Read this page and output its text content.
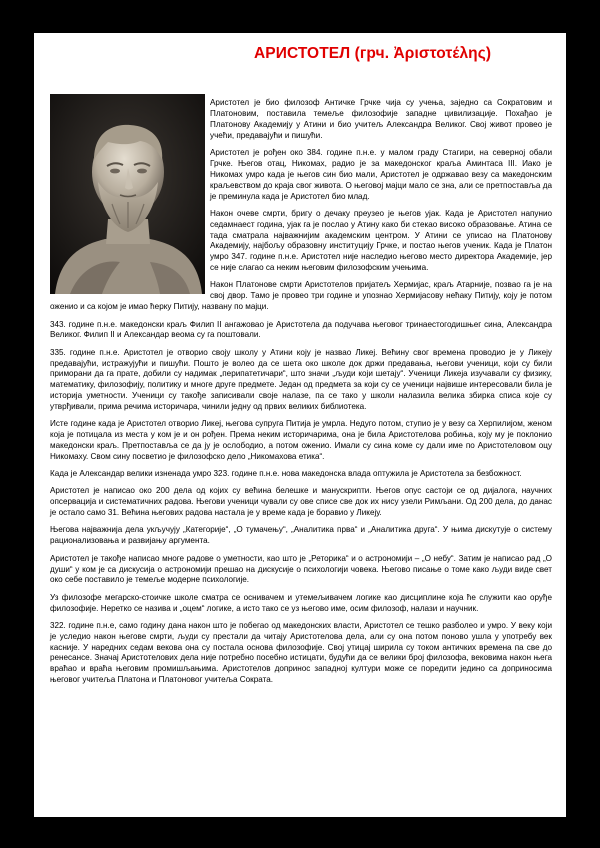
АРИСТОТЕЛ (грч. Ἀριστοτέλης)

Аристотел је био филозоф Античке Грчке чија су учења, заједно са Сократовим и Платоновим, поставила темеље филозофије западне цивилизације. Похађао је Платонову Академију у Атини и био учитељ Александра Великог. Свој живот провео је учећи, предавајући и пишући.

Аристотел је рођен око 384. године п.н.е. у малом граду Стагири, на северној обали Грчке. Његов отац, Никомах, радио је за македонског краља Аминтаса III. Иако је Никомах умро када је његов син био мали, Аристотел је одржавао везу са македонским краљевством до краја свог живота. О његовој мајци мало се зна, али се претпоставља да је преминула када је Аристотел био млад.

Након очеве смрти, бригу о дечаку преузео је његов ујак. Када је Аристотел напунио седамнаест година, ујак га је послао у Атину како би стекао високо образовање. Атина се тада сматрала најважнијим академским центром. У Атини се уписао на Платонову Академију, најбољу образовну институцију Грчке, и постао његов ученик. Када је Платон умро 347. године п.н.е. Аристотел није наследио његово место директора Академије, јер се није слагао са неким његовим филозофским учењима.

Након Платонове смрти Аристотелов пријатељ Хермијас, краљ Атарније, позвао га је на свој двор. Тамо је провео три године и упознао Хермијасову нећаку Питију, коју је потом оженио и са којом је имао ћерку Питију, названу по мајци.

343. године п.н.е. македонски краљ Филип II ангажовао је Аристотела да подучава његовог тринаестогодишњег сина, Александра Великог. Филип II и Александар веома су га поштовали.

335. године п.н.е. Аристотел је отворио своју школу у Атини коју је назвао Ликеј. Већину свог времена проводио је у Ликеју предавајући, истражујући и пишући. Пошто је волео да се шета око школе док држи предавања, његови ученици, који су били приморани да га прате, добили су надимак „перипатетичари“, што значи „људи који шетају“. Ученици Ликеја изучавали су физику, математику, филозофију, политику и многе друге предмете. Један од предмета за који су се ученици највише интересовали била је историја уметности. Ученици су такође записивали своје налазе, па се тако у школи налазила велика збирка списа које су утврђивали, прима речима историчара, чинили једну од првих великих библиотека.

Исте године када је Аристотел отворио Ликеј, његова супруга Питија је умрла. Недуго потом, ступио је у везу са Херпилијом, женом која је потицала из места у ком је и он рођен. Према неким историчарима, она је била Аристотелова робиња, коју му је поклонио македонски краљ. Претпоставља се да ју је ослободио, а потом оженио. Имали су сина коме су дали име по Аристотеловом оцу Никомаху. Свом сину посветио је филозофско дело „Никомахова етика“.

Када је Александар велики изненада умро 323. године п.н.е. нова македонска влада оптужила је Аристотела за безбожност.

Аристотел је написао око 200 дела од којих су већина белешке и манускрипти. Његов опус састоји се од дијалога, научних опсервација и систематичних радова. Његови ученици чували су ове списе све док их нису узели Римљани. Од 200 дела, до данас је остало само 31. Већина његових радова настала је у време када је боравио у Ликеју.

Његова најважнија дела укључују „Категорије“, „О тумачењу“, „Аналитика прва“ и „Аналитика друга“. У њима дискутује о систему рационализовања и развијању аргумента.

Аристотел је такође написао многе радове о уметности, као што је „Реторика“ и о астрономији – „О небу“. Затим је написао рад „О души“ у ком је са дискусија о астрономији прешао на дискусије о психологији човека. Његово писање о томе како људи виде свет око себе поставило је темеље модерне психологије.

Уз филозофе мегарско-стоичке школе сматра се оснивачем и утемељивачем логике као дисциплине која ће служити као оруђе филозофије. Неретко се назива и „оцем“ логике, а исто тако се уз његово име, осим филозоф, налази и научник.

322. године п.н.е, само годину дана након што је побегао од македонских власти, Аристотел се тешко разболео и умро. У веку који је уследио након његове смрти, људи су престали да читају Аристотелова дела, али су она потом поново ушла у употребу век касније. У наредних седам векова она су постала основа филозофије. Свој утицај ширила су током античких времена па све до ренесансе. Значај Аристотелових дела није потребно посебно истицати, будући да се велики број филозофа, вековима након њега враћао и враћа његовим промишљањима. Аристотелов допринос западној култури може се поредити једино са доприносима његовог учитеља Платона и Платоновог учитеља Сократа.
